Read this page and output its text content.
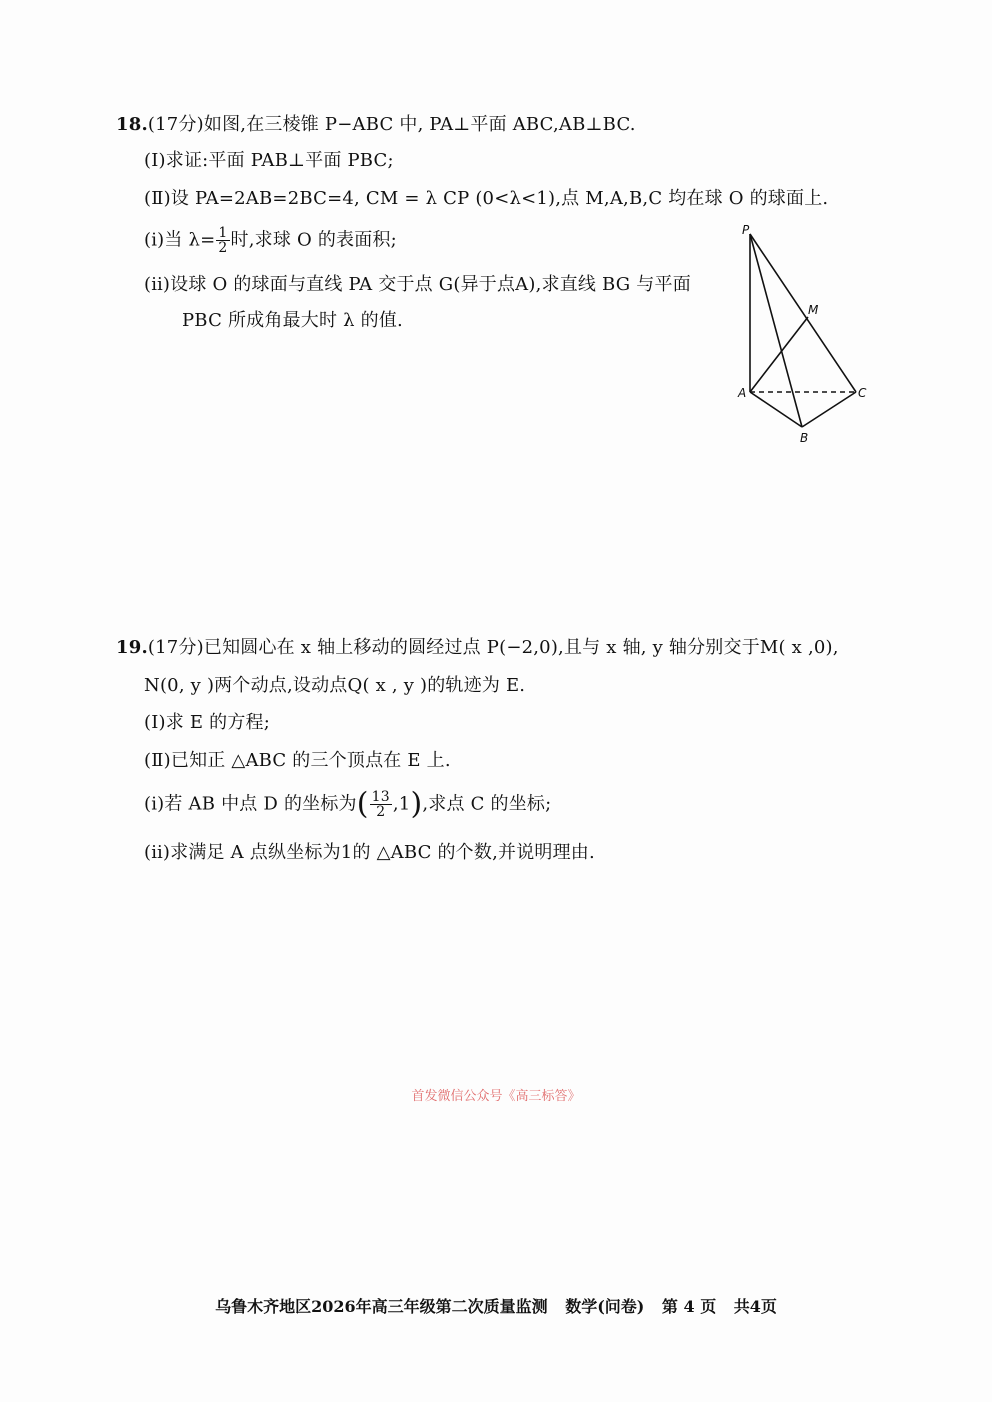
18.(17分)如图,在三棱锥 P−ABC 中, PA⊥平面 ABC,AB⊥BC.
(Ⅰ)求证:平面 PAB⊥平面 PBC;
(Ⅱ)设 PA=2AB=2BC=4, CM = λ CP (0<λ<1),点 M,A,B,C 均在球 O 的球面上.
(ⅰ)当 $\lambda= \frac{1}{2}$ 时,求球 O 的表面积;
(ⅱ)设球 O 的球面与直线 PA 交于点 G(异于点A),求直线 BG 与平面
PBC 所成角最大时 λ 的值.
P
M
A	C
B
19.(17分)已知圆心在 x 轴上移动的圆经过点 P(−2,0),且与 x 轴, y 轴分别交于M( x ,0),
N(0, y )两个动点,设动点Q( x , y )的轨迹为 E.
(Ⅰ)求 E 的方程;
(Ⅱ)已知正 △ABC 的三个顶点在 E 上.
(ⅰ)若 AB 中点 D 的坐标为( $\frac{13}{2} ,1$),求点 C 的坐标;
(ⅱ)求满足 A 点纵坐标为1的 △ABC 的个数,并说明理由.
首发微信公众号《高三标答》
乌鲁木齐地区2026年高三年级第二次质量监测 数学(问卷) 第 4 页 共4页
